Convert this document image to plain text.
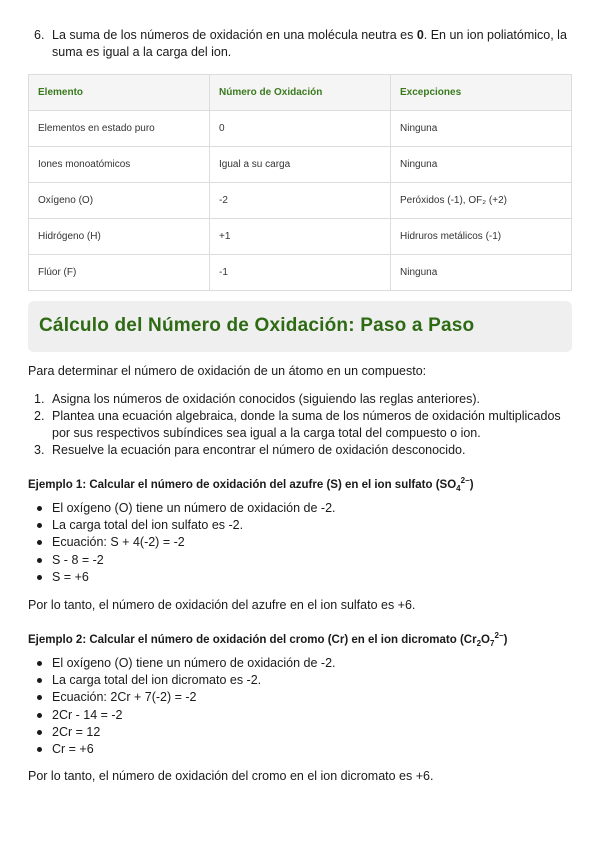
6. La suma de los números de oxidación en una molécula neutra es 0. En un ion poliatómico, la suma es igual a la carga del ion.
Elemento	Número de Oxidación	Excepciones
Elementos en estado puro	0	Ninguna
Iones monoatómicos	Igual a su carga	Ninguna
Oxígeno (O)	-2	Peróxidos (-1), OF₂ (+2)
Hidrógeno (H)	+1	Hidruros metálicos (-1)
Flúor (F)	-1	Ninguna
Cálculo del Número de Oxidación: Paso a Paso
Para determinar el número de oxidación de un átomo en un compuesto:
1. Asigna los números de oxidación conocidos (siguiendo las reglas anteriores).
2. Plantea una ecuación algebraica, donde la suma de los números de oxidación multiplicados por sus respectivos subíndices sea igual a la carga total del compuesto o ion.
3. Resuelve la ecuación para encontrar el número de oxidación desconocido.
Ejemplo 1: Calcular el número de oxidación del azufre (S) en el ion sulfato $(SO_4^{2-})$
El oxígeno (O) tiene un número de oxidación de -2.
La carga total del ion sulfato es -2.
Ecuación: S + 4(-2) = -2
S - 8 = -2
S = +6
Por lo tanto, el número de oxidación del azufre en el ion sulfato es +6.
Ejemplo 2: Calcular el número de oxidación del cromo (Cr) en el ion dicromato $(Cr_2O_7^{2-})$
El oxígeno (O) tiene un número de oxidación de -2.
La carga total del ion dicromato es -2.
Ecuación: 2Cr + 7(-2) = -2
2Cr - 14 = -2
2Cr = 12
Cr = +6
Por lo tanto, el número de oxidación del cromo en el ion dicromato es +6.
